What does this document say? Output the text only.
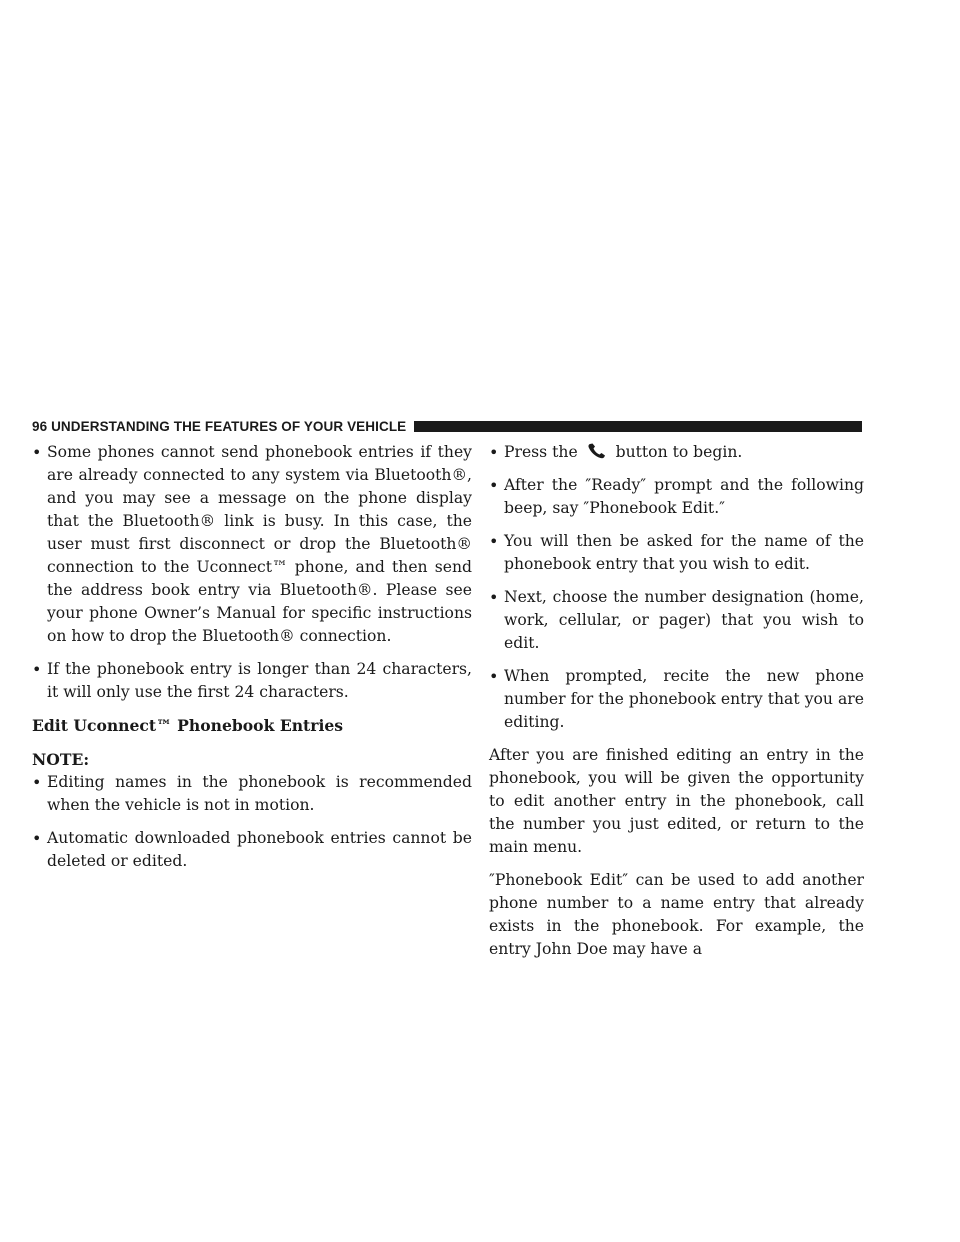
96 UNDERSTANDING THE FEATURES OF YOUR VEHICLE
• Some phones cannot send phonebook entries if they are already connected to any system via Bluetooth®, and you may see a message on the phone display that the Bluetooth® link is busy. In this case, the user must first disconnect or drop the Bluetooth® connection to the Uconnect™ phone, and then send the address book entry via Bluetooth®. Please see your phone Owner’s Manual for specific instructions on how to drop the Bluetooth® connection.
• If the phonebook entry is longer than 24 characters, it will only use the first 24 characters.
Edit Uconnect™ Phonebook Entries
NOTE:
• Editing names in the phonebook is recommended when the vehicle is not in motion.
• Automatic downloaded phonebook entries cannot be deleted or edited.
• Press the button to begin.
• After the ″Ready″ prompt and the following beep, say ″Phonebook Edit.″
• You will then be asked for the name of the phonebook entry that you wish to edit.
• Next, choose the number designation (home, work, cellular, or pager) that you wish to edit.
• When prompted, recite the new phone number for the phonebook entry that you are editing.
After you are finished editing an entry in the phonebook, you will be given the opportunity to edit another entry in the phonebook, call the number you just edited, or return to the main menu.
″Phonebook Edit″ can be used to add another phone number to a name entry that already exists in the phonebook. For example, the entry John Doe may have a
